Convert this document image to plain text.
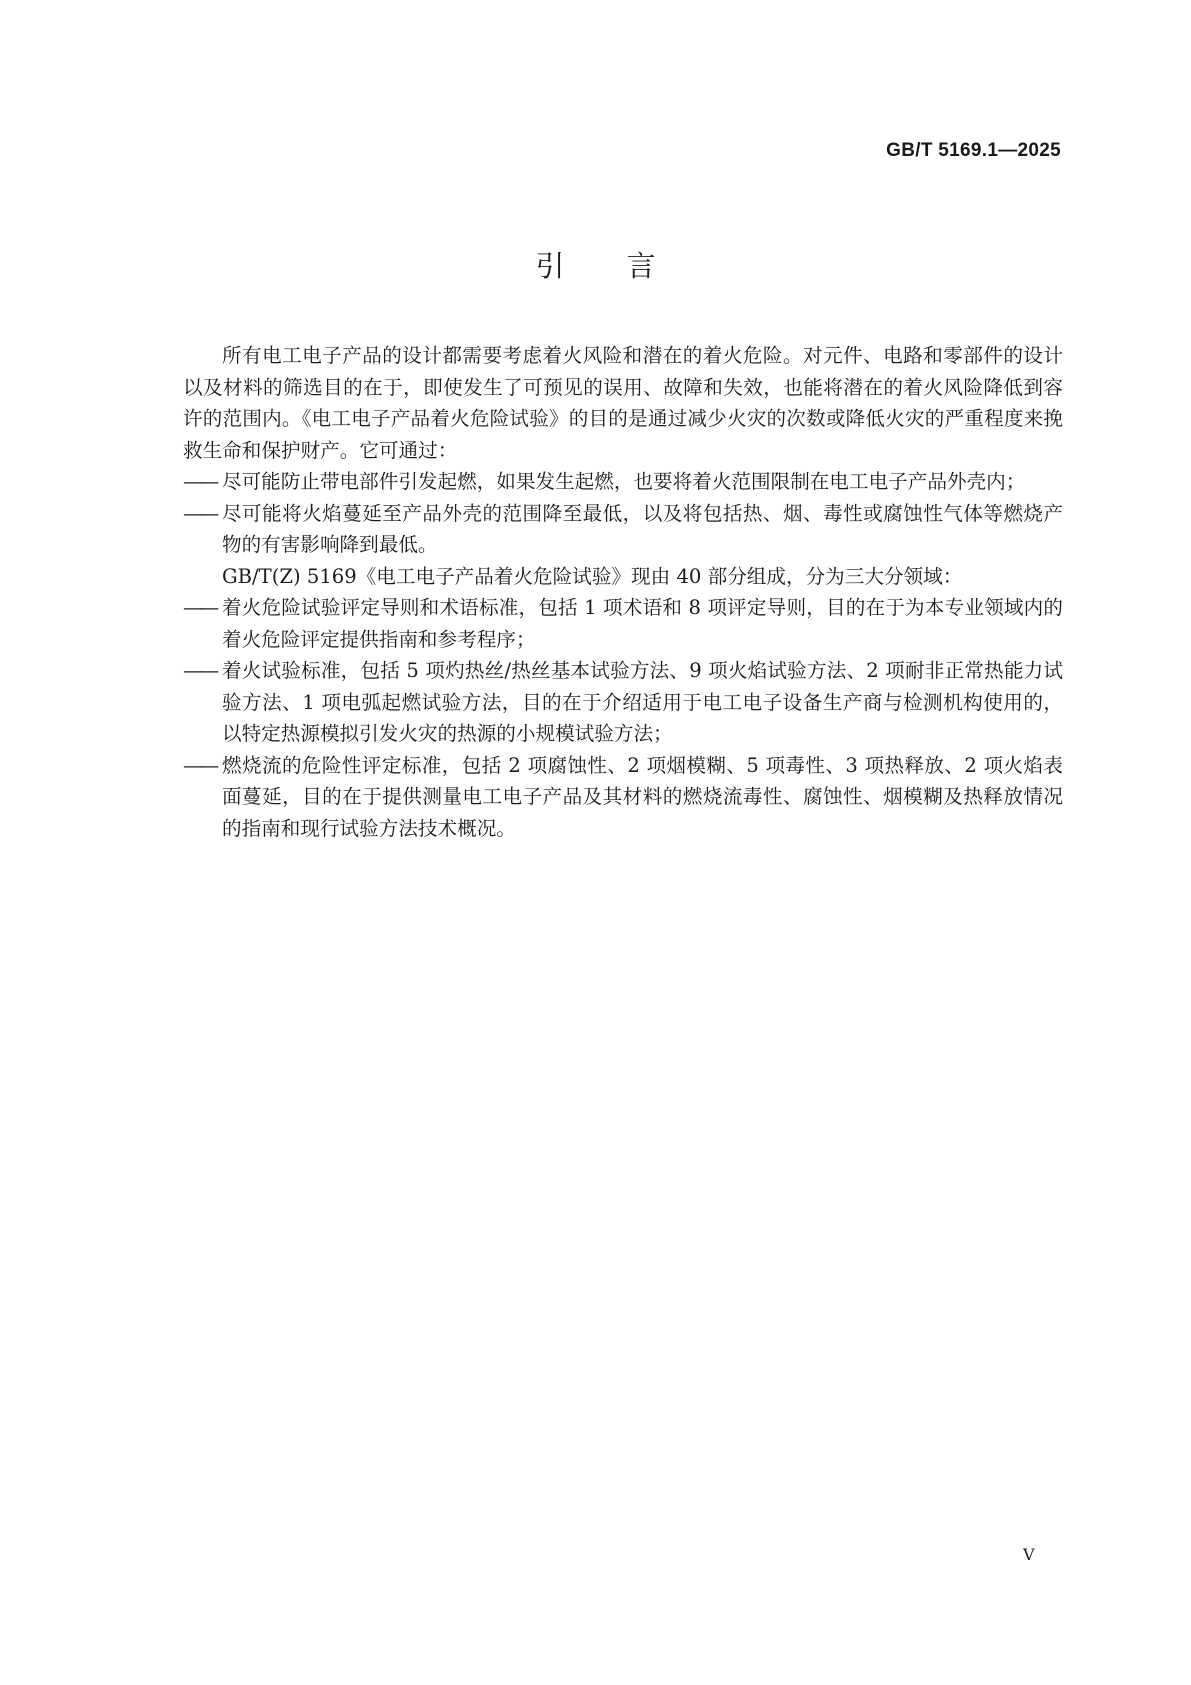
GB/T 5169.1—2025
引言

所有电工电子产品的设计都需要考虑着火风险和潜在的着火危险。对元件、电路和零部件的设计以及材料的筛选目的在于，即使发生了可预见的误用、故障和失效，也能将潜在的着火风险降低到容许的范围内。《电工电子产品着火危险试验》的目的是通过减少火灾的次数或降低火灾的严重程度来挽救生命和保护财产。它可通过：

—— 尽可能防止带电部件引发起燃，如果发生起燃，也要将着火范围限制在电工电子产品外壳内；

—— 尽可能将火焰蔓延至产品外壳的范围降至最低，以及将包括热、烟、毒性或腐蚀性气体等燃烧产物的有害影响降到最低。

GB/T(Z) 5169《电工电子产品着火危险试验》现由 40 部分组成，分为三大分领域：

—— 着火危险试验评定导则和术语标准，包括 1 项术语和 8 项评定导则，目的在于为本专业领域内的着火危险评定提供指南和参考程序；

—— 着火试验标准，包括 5 项灼热丝/热丝基本试验方法、9 项火焰试验方法、2 项耐非正常热能力试验方法、1 项电弧起燃试验方法，目的在于介绍适用于电工电子设备生产商与检测机构使用的，以特定热源模拟引发火灾的热源的小规模试验方法；

—— 燃烧流的危险性评定标准，包括 2 项腐蚀性、2 项烟模糊、5 项毒性、3 项热释放、2 项火焰表面蔓延，目的在于提供测量电工电子产品及其材料的燃烧流毒性、腐蚀性、烟模糊及热释放情况的指南和现行试验方法技术概况。

V
